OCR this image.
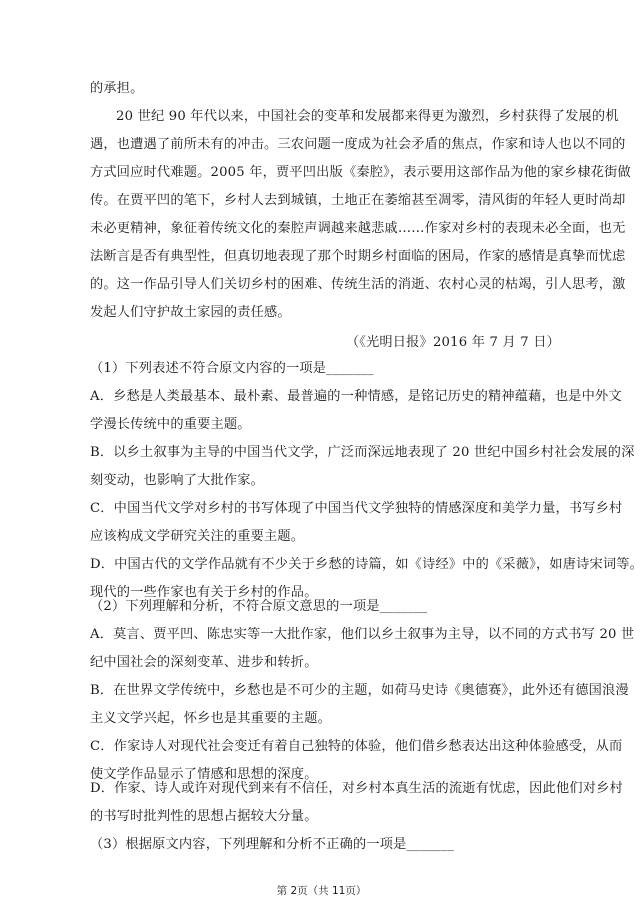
的承担。
20 世纪 90 年代以来，中国社会的变革和发展都来得更为激烈，乡村获得了发展的机
遇，也遭遇了前所未有的冲击。三农问题一度成为社会矛盾的焦点，作家和诗人也以不同的
方式回应时代难题。2005 年，贾平凹出版《秦腔》，表示要用这部作品为他的家乡棣花街做
传。在贾平凹的笔下，乡村人去到城镇，土地正在萎缩甚至凋零，清风街的年轻人更时尚却
未必更精神，象征着传统文化的秦腔声调越来越悲戚……作家对乡村的表现未必全面，也无
法断言是否有典型性，但真切地表现了那个时期乡村面临的困局，作家的感情是真挚而忧虑
的。这一作品引导人们关切乡村的困难、传统生活的消逝、农村心灵的枯竭，引人思考，激
发起人们守护故土家园的责任感。
（《光明日报》2016 年 7 月 7 日）
（1）下列表述不符合原文内容的一项是_______
A．乡愁是人类最基本、最朴素、最普遍的一种情感，是铭记历史的精神蕴藉，也是中外文
学漫长传统中的重要主题。
B．以乡土叙事为主导的中国当代文学，广泛而深远地表现了 20 世纪中国乡村社会发展的深
刻变动，也影响了大批作家。
C．中国当代文学对乡村的书写体现了中国当代文学独特的情感深度和美学力量，书写乡村
应该构成文学研究关注的重要主题。
D．中国古代的文学作品就有不少关于乡愁的诗篇，如《诗经》中的《采薇》，如唐诗宋词等。
现代的一些作家也有关于乡村的作品。
（2）下列理解和分析，不符合原文意思的一项是_______
A．莫言、贾平凹、陈忠实等一大批作家，他们以乡土叙事为主导，以不同的方式书写 20 世
纪中国社会的深刻变革、进步和转折。
B．在世界文学传统中，乡愁也是不可少的主题，如荷马史诗《奥德赛》，此外还有德国浪漫
主义文学兴起，怀乡也是其重要的主题。
C．作家诗人对现代社会变迁有着自己独特的体验，他们借乡愁表达出这种体验感受，从而
使文学作品显示了情感和思想的深度。
D．作家、诗人或许对现代到来有不信任，对乡村本真生活的流逝有忧虑，因此他们对乡村
的书写时批判性的思想占据较大分量。
（3）根据原文内容，下列理解和分析不正确的一项是_______
第 2页（共 11页）
